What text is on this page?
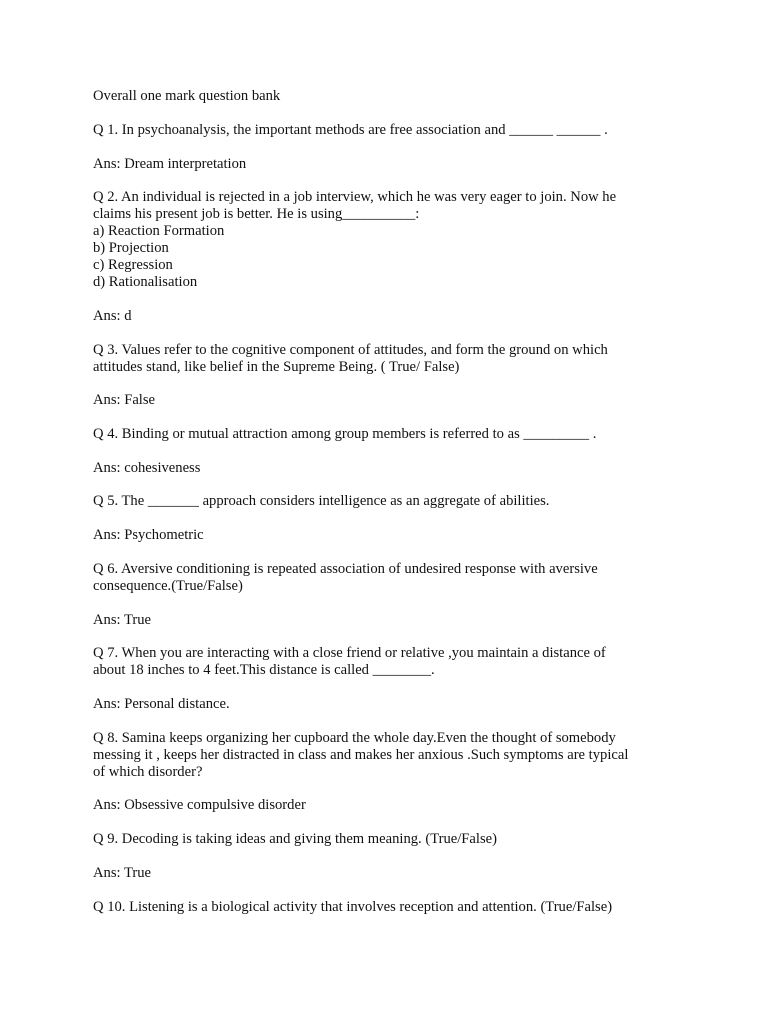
Overall one mark question bank
Q 1. In psychoanalysis, the important methods are free association and ______ ______ .
Ans: Dream interpretation
Q 2. An individual is rejected in a job interview, which he was very eager to join. Now he
claims his present job is better. He is using__________:
a) Reaction Formation
b) Projection
c) Regression
d) Rationalisation
Ans: d
Q 3. Values refer to the cognitive component of attitudes, and form the ground on which
attitudes stand, like belief in the Supreme Being. ( True/ False)
Ans: False
Q 4. Binding or mutual attraction among group members is referred to as _________ .
Ans: cohesiveness
Q 5. The _______ approach considers intelligence as an aggregate of abilities.
Ans: Psychometric
Q 6. Aversive conditioning is repeated association of undesired response with aversive
consequence.(True/False)
Ans: True
Q 7. When you are interacting with a close friend or relative ,you maintain a distance of
about 18 inches to 4 feet.This distance is called ________.
Ans: Personal distance.
Q 8. Samina keeps organizing her cupboard the whole day.Even the thought of somebody
messing it , keeps her distracted in class and makes her anxious .Such symptoms are typical
of which disorder?
Ans: Obsessive compulsive disorder
Q 9. Decoding is taking ideas and giving them meaning. (True/False)
Ans: True
Q 10. Listening is a biological activity that involves reception and attention. (True/False)
